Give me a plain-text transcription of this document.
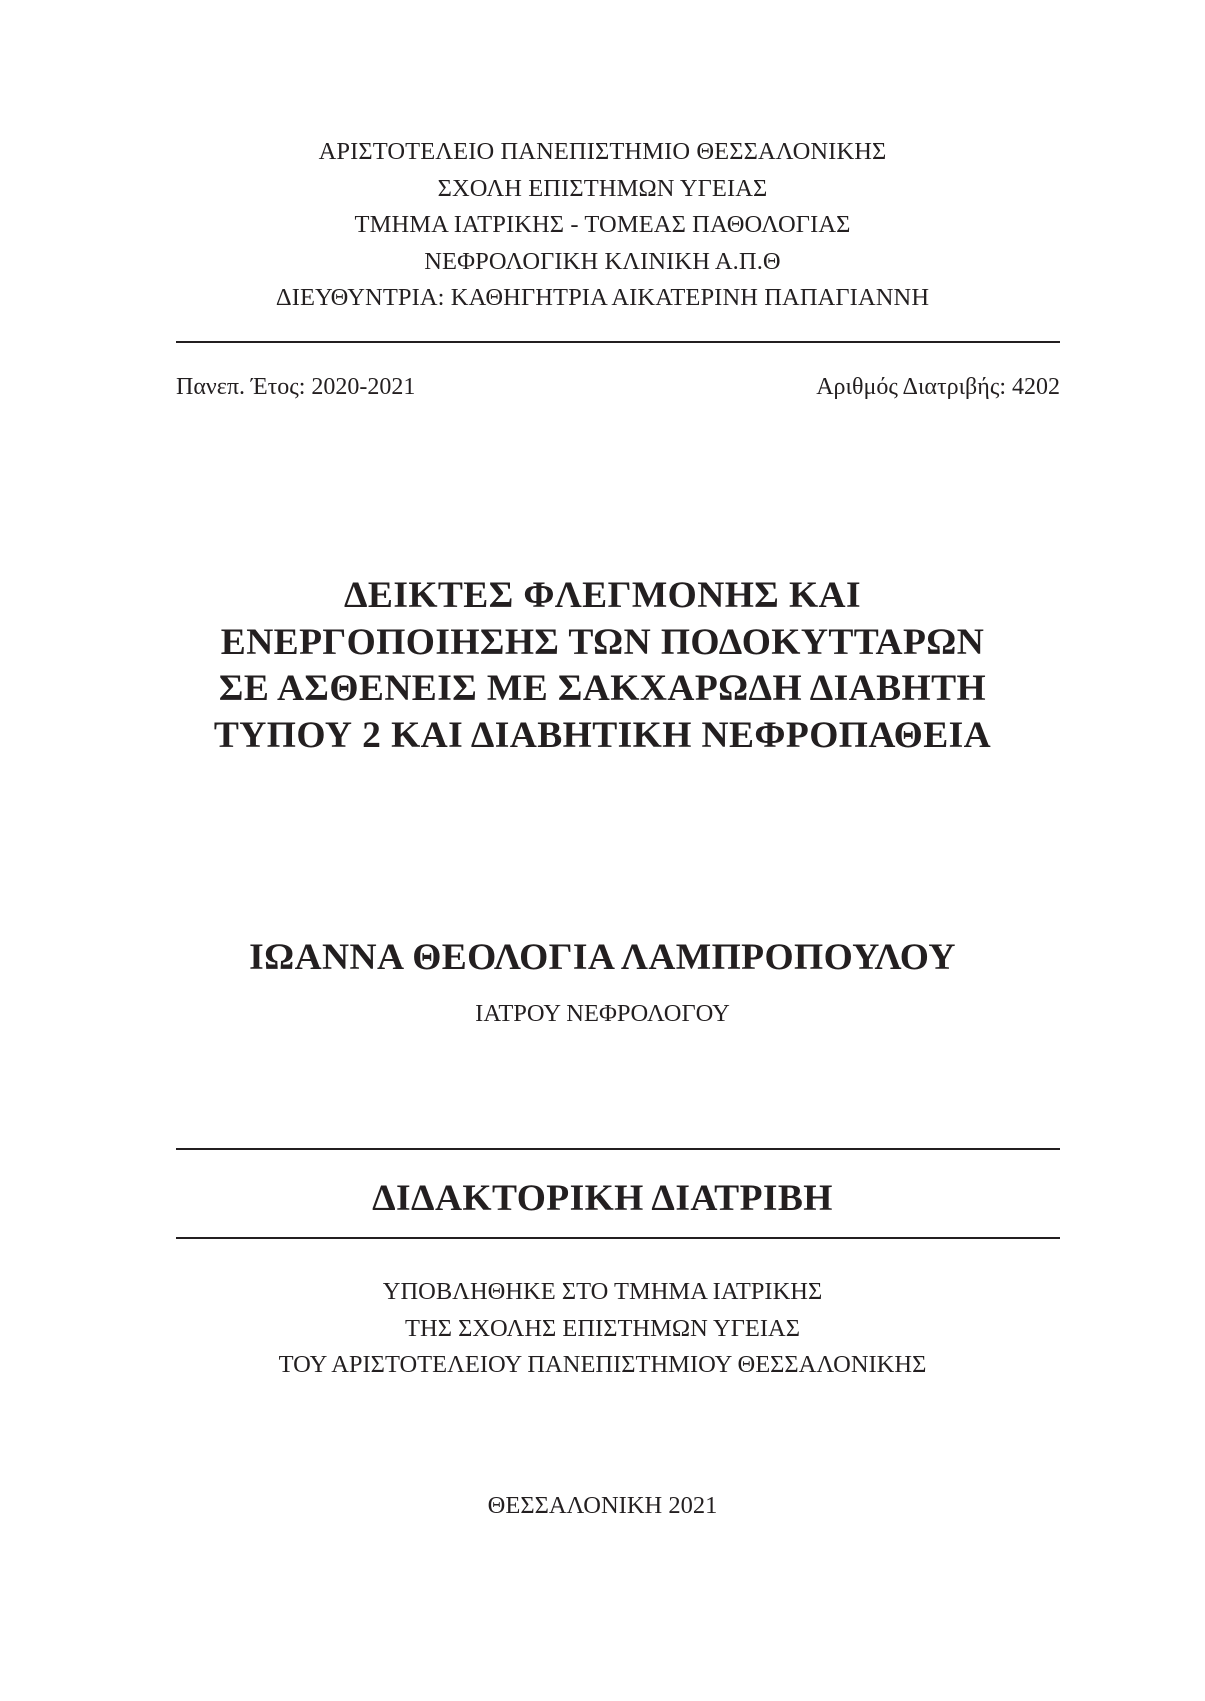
ΑΡΙΣΤΟΤΕΛΕΙΟ ΠΑΝΕΠΙΣΤΗΜΙΟ ΘΕΣΣΑΛΟΝΙΚΗΣ
ΣΧΟΛΗ ΕΠΙΣΤΗΜΩΝ ΥΓΕΙΑΣ
ΤΜΗΜΑ ΙΑΤΡΙΚΗΣ - ΤΟΜΕΑΣ ΠΑΘΟΛΟΓΙΑΣ
ΝΕΦΡΟΛΟΓΙΚΗ ΚΛΙΝΙΚΗ Α.Π.Θ
ΔΙΕΥΘΥΝΤΡΙΑ: ΚΑΘΗΓΗΤΡΙΑ ΑΙΚΑΤΕΡΙΝΗ ΠΑΠΑΓΙΑΝΝΗ
Πανεπ. Έτος: 2020-2021	Αριθμός Διατριβής: 4202
ΔΕΙΚΤΕΣ ΦΛΕΓΜΟΝΗΣ ΚΑΙ
ΕΝΕΡΓΟΠΟΙΗΣΗΣ ΤΩΝ ΠΟΔΟΚΥΤΤΑΡΩΝ
ΣΕ ΑΣΘΕΝΕΙΣ ΜΕ ΣΑΚΧΑΡΩΔΗ ΔΙΑΒΗΤΗ
ΤΥΠΟΥ 2 ΚΑΙ ΔΙΑΒΗΤΙΚΗ ΝΕΦΡΟΠΑΘΕΙΑ
ΙΩΑΝΝΑ ΘΕΟΛΟΓΙΑ ΛΑΜΠΡΟΠΟΥΛΟΥ
ΙΑΤΡΟΥ ΝΕΦΡΟΛΟΓΟΥ
ΔΙΔΑΚΤΟΡΙΚΗ ΔΙΑΤΡΙΒΗ
ΥΠΟΒΛΗΘΗΚΕ ΣΤΟ ΤΜΗΜΑ ΙΑΤΡΙΚΗΣ
ΤΗΣ ΣΧΟΛΗΣ ΕΠΙΣΤΗΜΩΝ ΥΓΕΙΑΣ
ΤΟΥ ΑΡΙΣΤΟΤΕΛΕΙΟΥ ΠΑΝΕΠΙΣΤΗΜΙΟΥ ΘΕΣΣΑΛΟΝΙΚΗΣ
ΘΕΣΣΑΛΟΝΙΚΗ 2021
